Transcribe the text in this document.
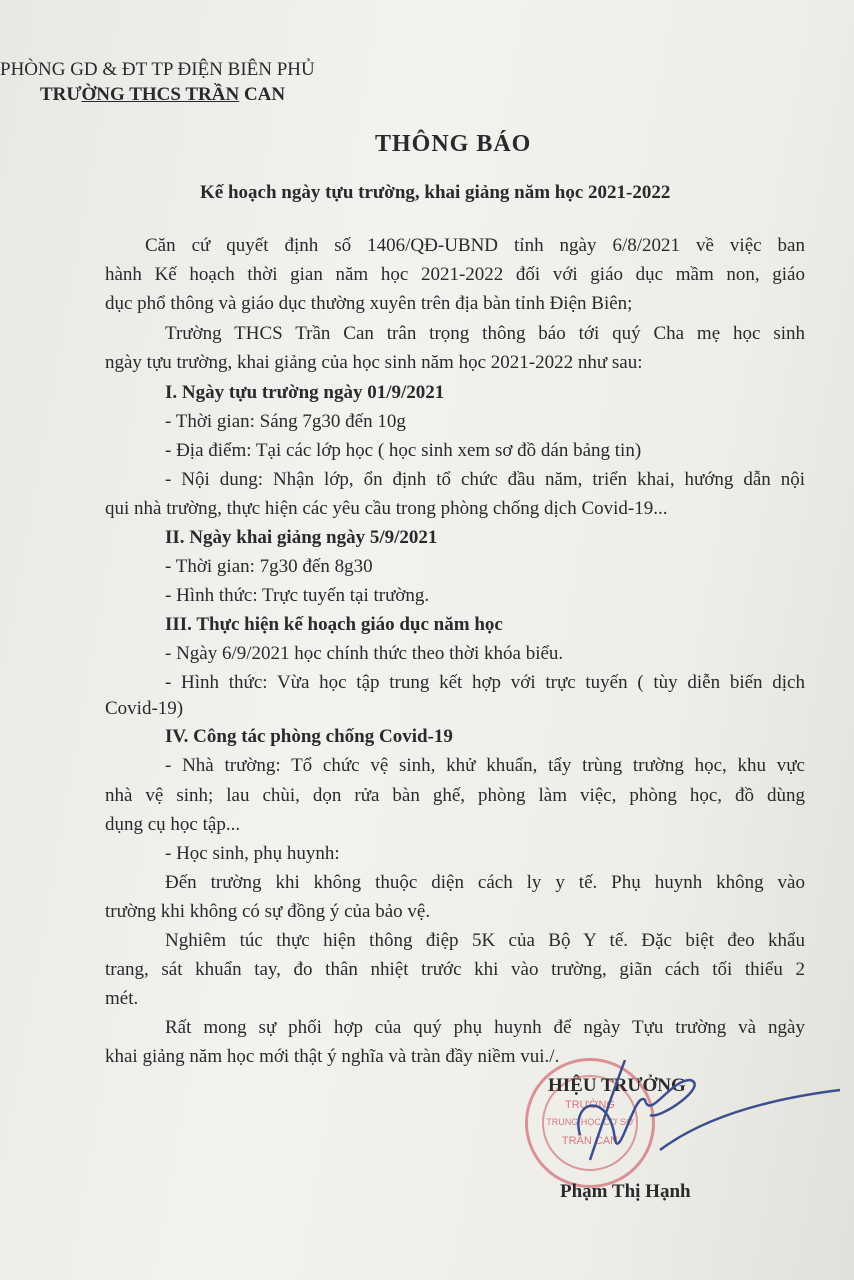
PHÒNG GD & ĐT TP ĐIỆN BIÊN PHỦ
TRƯỜNG THCS TRẦN CAN
THÔNG BÁO
Kế hoạch ngày tựu trường, khai giảng năm học 2021-2022
Căn cứ quyết định số 1406/QĐ-UBND tỉnh ngày 6/8/2021 về việc ban
hành Kế hoạch thời gian năm học 2021-2022 đối với giáo dục mầm non, giáo
dục phổ thông và giáo dục thường xuyên trên địa bàn tỉnh Điện Biên;
Trường THCS Trần Can trân trọng thông báo tới quý Cha mẹ học sinh
ngày tựu trường, khai giảng của học sinh năm học 2021-2022 như sau:
I. Ngày tựu trường ngày 01/9/2021
- Thời gian: Sáng 7g30 đến 10g
- Địa điểm: Tại các lớp học ( học sinh xem sơ đồ dán bảng tin)
- Nội dung: Nhận lớp, ổn định tổ chức đầu năm, triển khai, hướng dẫn nội
qui nhà trường, thực hiện các yêu cầu trong phòng chống dịch Covid-19...
II. Ngày khai giảng ngày 5/9/2021
- Thời gian: 7g30 đến 8g30
- Hình thức: Trực tuyến tại trường.
III. Thực hiện kế hoạch giáo dục năm học
- Ngày 6/9/2021 học chính thức theo thời khóa biểu.
- Hình thức: Vừa học tập trung kết hợp với trực tuyến ( tùy diễn biến dịch
Covid-19)
IV. Công tác phòng chống Covid-19
- Nhà trường: Tổ chức vệ sinh, khử khuẩn, tẩy trùng trường học, khu vực
nhà vệ sinh; lau chùi, dọn rửa bàn ghế, phòng làm việc, phòng học, đồ dùng
dụng cụ học tập...
- Học sinh, phụ huynh:
Đến trường khi không thuộc diện cách ly y tế. Phụ huynh không vào
trường khi không có sự đồng ý của bảo vệ.
Nghiêm túc thực hiện thông điệp 5K của Bộ Y tế. Đặc biệt đeo khẩu
trang, sát khuẩn tay, đo thân nhiệt trước khi vào trường, giãn cách tối thiểu 2
mét.
Rất mong sự phối hợp của quý phụ huynh để ngày Tựu trường và ngày
khai giảng năm học mới thật ý nghĩa và tràn đầy niềm vui./.
TRƯỜNG
TRUNG HỌC CƠ SỞ
TRẦN CAN
HIỆU TRƯỞNG
Phạm Thị Hạnh
